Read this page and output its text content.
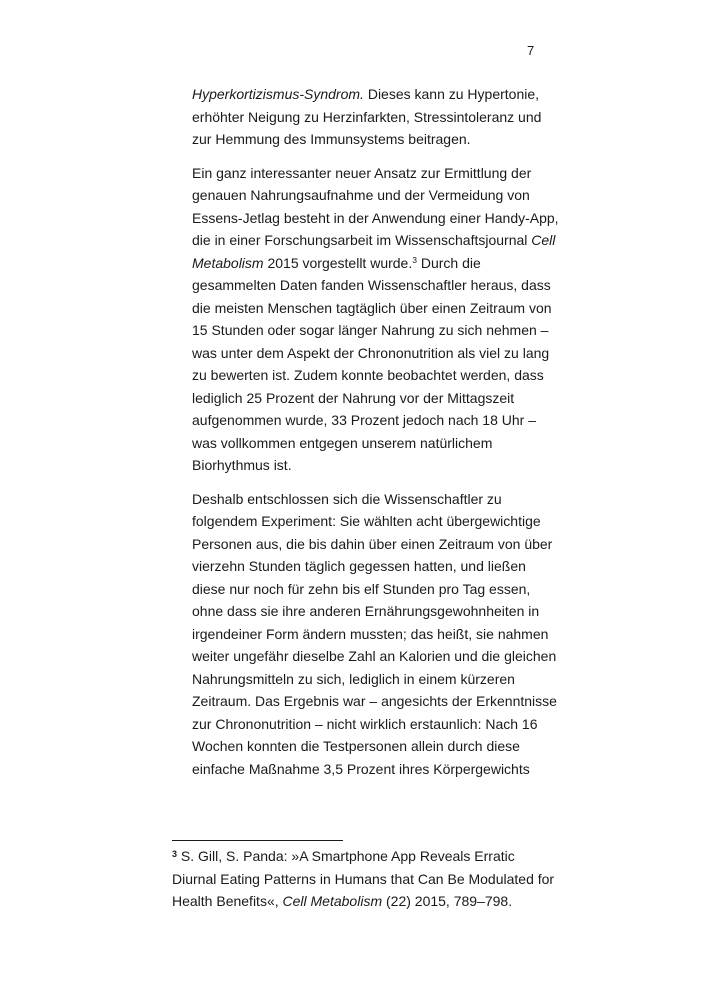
7

Hyperkortizismus-Syndrom. Dieses kann zu Hypertonie,
erhöhter Neigung zu Herzinfarkten, Stressintoleranz und
zur Hemmung des Immunsystems beitragen.

Ein ganz interessanter neuer Ansatz zur Ermittlung der
genauen Nahrungsaufnahme und der Vermeidung von
Essens-Jetlag besteht in der Anwendung einer Handy-App,
die in einer Forschungsarbeit im Wissenschaftsjournal Cell
Metabolism 2015 vorgestellt wurde.$^3$ Durch die
gesammelten Daten fanden Wissenschaftler heraus, dass
die meisten Menschen tagtäglich über einen Zeitraum von
15 Stunden oder sogar länger Nahrung zu sich nehmen –
was unter dem Aspekt der Chrononutrition als viel zu lang
zu bewerten ist. Zudem konnte beobachtet werden, dass
lediglich 25 Prozent der Nahrung vor der Mittagszeit
aufgenommen wurde, 33 Prozent jedoch nach 18 Uhr –
was vollkommen entgegen unserem natürlichem
Biorhythmus ist.

Deshalb entschlossen sich die Wissenschaftler zu
folgendem Experiment: Sie wählten acht übergewichtige
Personen aus, die bis dahin über einen Zeitraum von über
vierzehn Stunden täglich gegessen hatten, und ließen
diese nur noch für zehn bis elf Stunden pro Tag essen,
ohne dass sie ihre anderen Ernährungsgewohnheiten in
irgendeiner Form ändern mussten; das heißt, sie nahmen
weiter ungefähr dieselbe Zahl an Kalorien und die gleichen
Nahrungsmitteln zu sich, lediglich in einem kürzeren
Zeitraum. Das Ergebnis war – angesichts der Erkenntnisse
zur Chrononutrition – nicht wirklich erstaunlich: Nach 16
Wochen konnten die Testpersonen allein durch diese
einfache Maßnahme 3,5 Prozent ihres Körpergewichts

$^3$ S. Gill, S. Panda: »A Smartphone App Reveals Erratic
Diurnal Eating Patterns in Humans that Can Be Modulated for
Health Benefits«, Cell Metabolism (22) 2015, 789–798.
